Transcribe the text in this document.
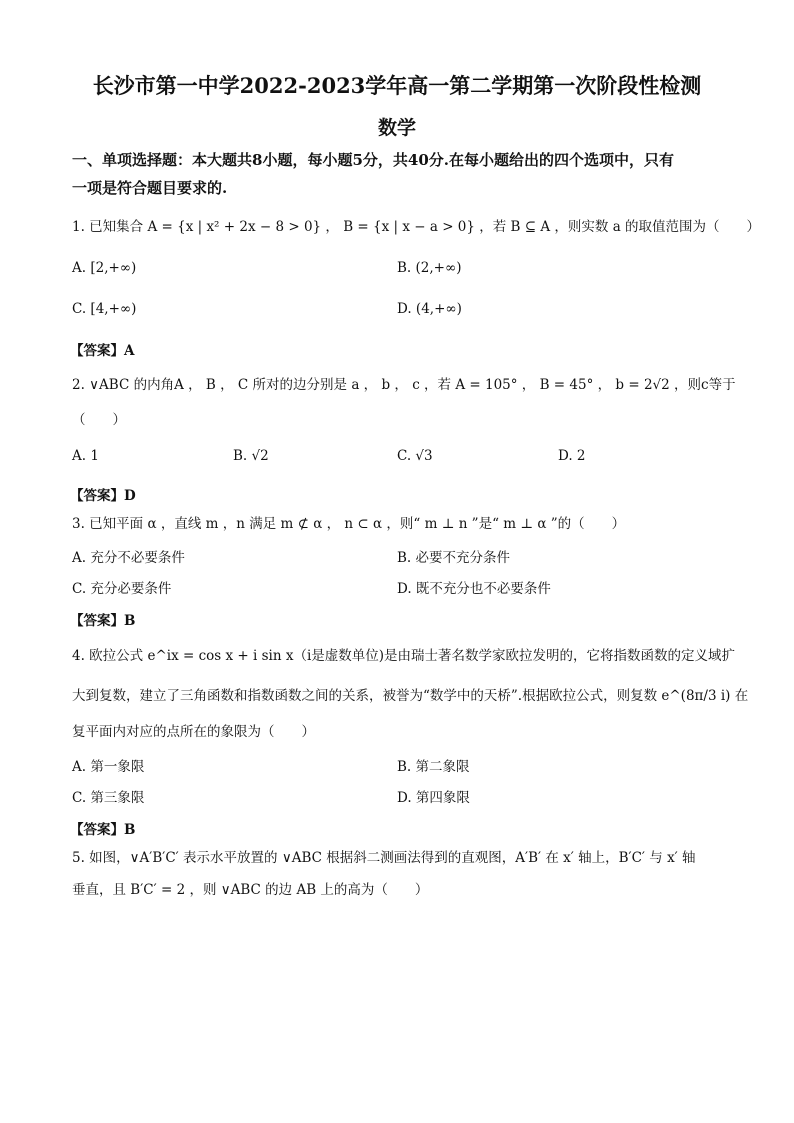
长沙市第一中学2022-2023学年高一第二学期第一次阶段性检测
数学
一、单项选择题：本大题共8小题，每小题5分，共40分.在每小题给出的四个选项中，只有
一项是符合题目要求的.
1. 已知集合 A = {x | x² + 2x − 8 > 0} ， B = {x | x − a > 0} ，若 B ⊆ A ，则实数 a 的取值范围为（　　）
A. [2,+∞)	B. (2,+∞)
C. [4,+∞)	D. (4,+∞)
【答案】A
2. ∨ABC 的内角A ， B ， C 所对的边分别是 a ， b ， c ，若 A = 105° ， B = 45° ， b = 2√2 ，则c等于
（　　）
A. 1	B. √2	C. √3	D. 2
【答案】D
3. 已知平面 α ，直线 m ，n 满足 m ⊄ α ， n ⊂ α ，则“ m ⊥ n ”是“ m ⊥ α ”的（　　）
A. 充分不必要条件	B. 必要不充分条件
C. 充分必要条件	D. 既不充分也不必要条件
【答案】B
4. 欧拉公式 e^ix = cos x + i sin x（i是虚数单位)是由瑞士著名数学家欧拉发明的，它将指数函数的定义域扩
大到复数，建立了三角函数和指数函数之间的关系，被誉为“数学中的天桥”.根据欧拉公式，则复数 e^(8π/3 i) 在
复平面内对应的点所在的象限为（　　）
A. 第一象限	B. 第二象限
C. 第三象限	D. 第四象限
【答案】B
5. 如图，∨A′B′C′ 表示水平放置的 ∨ABC 根据斜二测画法得到的直观图，A′B′ 在 x′ 轴上，B′C′ 与 x′ 轴
垂直，且 B′C′ = 2 ，则 ∨ABC 的边 AB 上的高为（　　）
